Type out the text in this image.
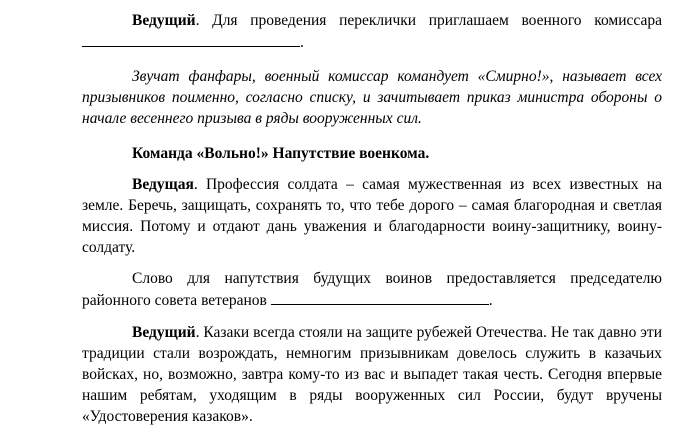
Ведущий. Для проведения переклички приглашаем военного комиссара .

Звучат фанфары, военный комиссар командует «Смирно!», называет всех призывников поименно, согласно списку, и зачитывает приказ министра обороны о начале весеннего призыва в ряды вооруженных сил.

Команда «Вольно!» Напутствие военкома.

Ведущая. Профессия солдата – самая мужественная из всех известных на земле. Беречь, защищать, сохранять то, что тебе дорого – самая благородная и светлая миссия. Потому и отдают дань уважения и благодарности воину-защитнику, воину-солдату.

Слово для напутствия будущих воинов предоставляется председателю районного совета ветеранов	.

Ведущий. Казаки всегда стояли на защите рубежей Отечества. Не так давно эти традиции стали возрождать, немногим призывникам довелось служить в казачьих войсках, но, возможно, завтра кому-то из вас и выпадет такая честь. Сегодня впервые нашим ребятам, уходящим в ряды вооруженных сил России, будут вручены «Удостоверения казаков».
